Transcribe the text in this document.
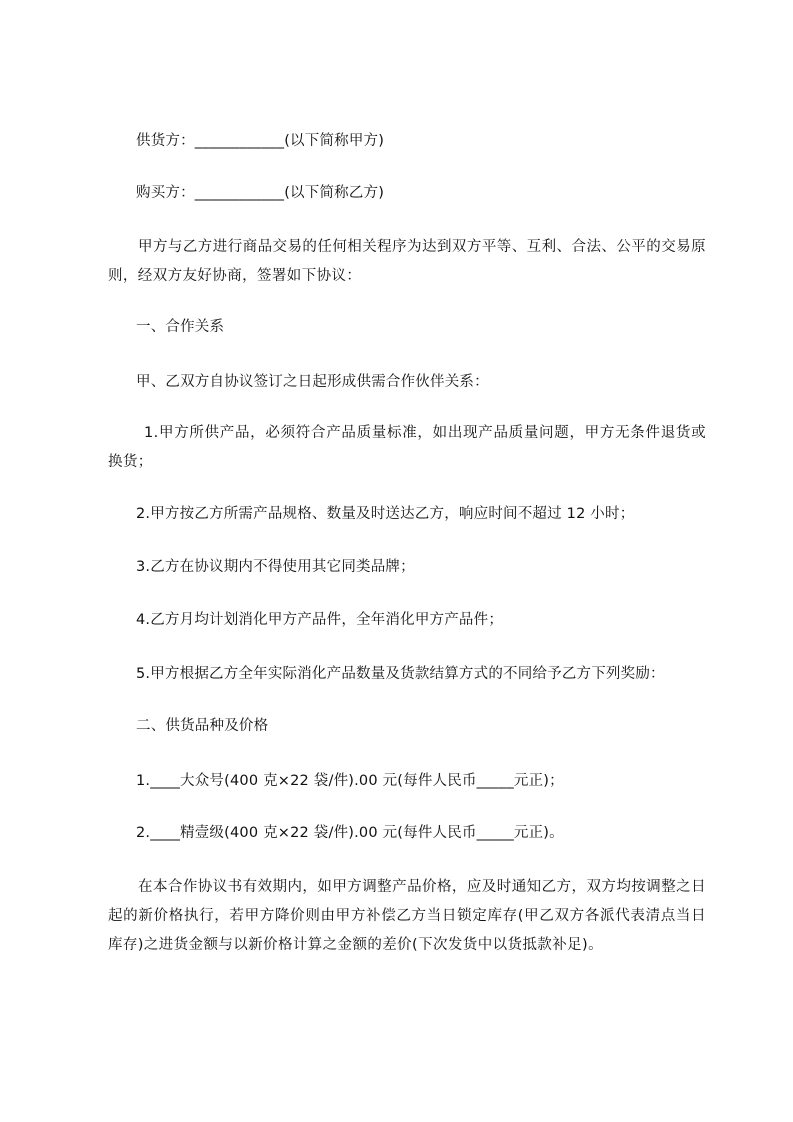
供货方：____________(以下简称甲方)
购买方：____________(以下简称乙方)
甲方与乙方进行商品交易的任何相关程序为达到双方平等、互利、合法、公平的交易原则，经双方友好协商，签署如下协议：
一、合作关系
甲、乙双方自协议签订之日起形成供需合作伙伴关系：
1.甲方所供产品，必须符合产品质量标准，如出现产品质量问题，甲方无条件退货或换货；
2.甲方按乙方所需产品规格、数量及时送达乙方，响应时间不超过 12 小时；
3.乙方在协议期内不得使用其它同类品牌；
4.乙方月均计划消化甲方产品件，全年消化甲方产品件；
5.甲方根据乙方全年实际消化产品数量及货款结算方式的不同给予乙方下列奖励：
二、供货品种及价格
1.____大众号(400 克×22 袋/件).00 元(每件人民币_____元正)；
2.____精壹级(400 克×22 袋/件).00 元(每件人民币_____元正)。
在本合作协议书有效期内，如甲方调整产品价格，应及时通知乙方，双方均按调整之日起的新价格执行，若甲方降价则由甲方补偿乙方当日锁定库存(甲乙双方各派代表清点当日库存)之进货金额与以新价格计算之金额的差价(下次发货中以货抵款补足)。
